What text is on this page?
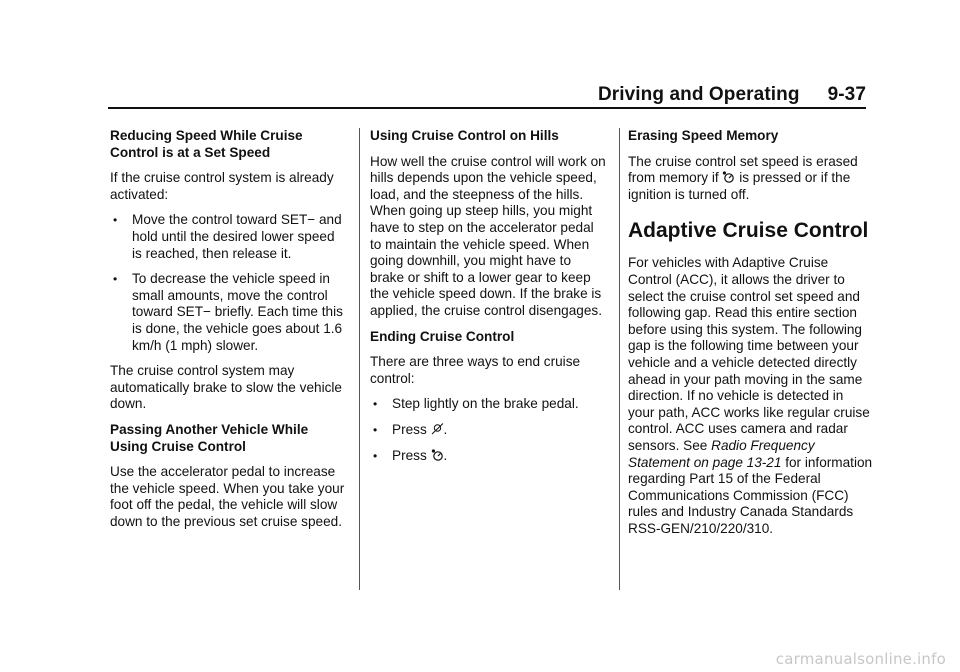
Driving and Operating 9-37
Reducing Speed While Cruise Control is at a Set Speed

If the cruise control system is already activated:

• Move the control toward SET− and hold until the desired lower speed is reached, then release it.
• To decrease the vehicle speed in small amounts, move the control toward SET− briefly. Each time this is done, the vehicle goes about 1.6 km/h (1 mph) slower.

The cruise control system may automatically brake to slow the vehicle down.

Passing Another Vehicle While Using Cruise Control

Use the accelerator pedal to increase the vehicle speed. When you take your foot off the pedal, the vehicle will slow down to the previous set cruise speed.

Using Cruise Control on Hills

How well the cruise control will work on hills depends upon the vehicle speed, load, and the steepness of the hills. When going up steep hills, you might have to step on the accelerator pedal to maintain the vehicle speed. When going downhill, you might have to brake or shift to a lower gear to keep the vehicle speed down. If the brake is applied, the cruise control disengages.

Ending Cruise Control

There are three ways to end cruise control:

• Step lightly on the brake pedal.
• Press .
• Press .
Erasing Speed Memory

The cruise control set speed is erased from memory if is pressed or if the ignition is turned off.

Adaptive Cruise Control

For vehicles with Adaptive Cruise Control (ACC), it allows the driver to select the cruise control set speed and following gap. Read this entire section before using this system. The following gap is the following time between your vehicle and a vehicle detected directly ahead in your path moving in the same direction. If no vehicle is detected in your path, ACC works like regular cruise control. ACC uses camera and radar sensors. See Radio Frequency Statement on page 13-21 for information regarding Part 15 of the Federal Communications Commission (FCC) rules and Industry Canada Standards RSS-GEN/210/220/310.

carmanualsonline.info
